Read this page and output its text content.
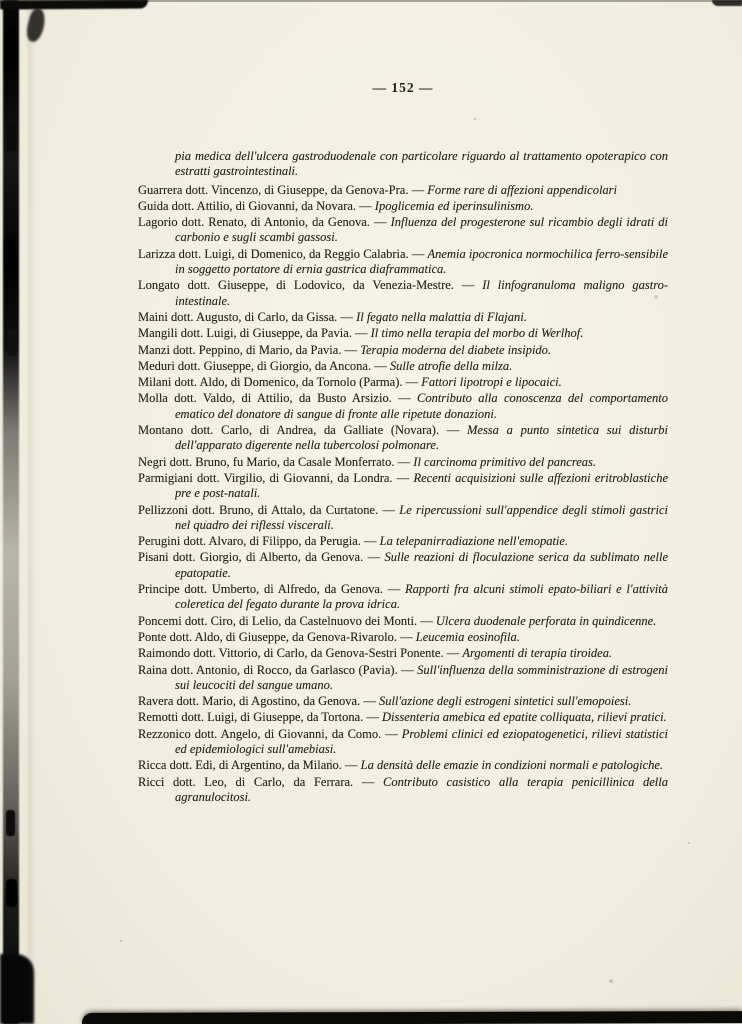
— 152 —

pia medica dell'ulcera gastroduodenale con particolare riguardo al trattamento opoterapico con estratti gastrointestinali.

Guarrera dott. Vincenzo, di Giuseppe, da Genova-Pra. — Forme rare di affezioni appendicolari

Guida dott. Attilio, di Giovanni, da Novara. — Ipoglicemia ed iperinsulinismo.

Lagorio dott. Renato, di Antonio, da Genova. — Influenza del progesterone sul ricambio degli idrati di carbonio e sugli scambi gassosi.

Larizza dott. Luigi, di Domenico, da Reggio Calabria. — Anemia ipocronica normochilica ferro-sensibile in soggetto portatore di ernia gastrica diaframmatica.

Longato dott. Giuseppe, di Lodovico, da Venezia-Mestre. — Il linfogranuloma maligno gastro-intestinale.

Maini dott. Augusto, di Carlo, da Gissa. — Il fegato nella malattia di Flajani.

Mangili dott. Luigi, di Giuseppe, da Pavia. — Il timo nella terapia del morbo di Werlhof.

Manzi dott. Peppino, di Mario, da Pavia. — Terapia moderna del diabete insipido.

Meduri dott. Giuseppe, di Giorgio, da Ancona. — Sulle atrofie della milza.

Milani dott. Aldo, di Domenico, da Tornolo (Parma). — Fattori lipotropi e lipocaici.

Molla dott. Valdo, di Attilio, da Busto Arsizio. — Contributo alla conoscenza del comportamento ematico del donatore di sangue di fronte alle ripetute donazioni.

Montano dott. Carlo, di Andrea, da Galliate (Novara). — Messa a punto sintetica sui disturbi dell'apparato digerente nella tubercolosi polmonare.

Negri dott. Bruno, fu Mario, da Casale Monferrato. — Il carcinoma primitivo del pancreas.

Parmigiani dott. Virgilio, di Giovanni, da Londra. — Recenti acquisizioni sulle affezioni eritroblastiche pre e post-natali.

Pellizzoni dott. Bruno, di Attalo, da Curtatone. — Le ripercussioni sull'appendice degli stimoli gastrici nel quadro dei riflessi viscerali.

Perugini dott. Alvaro, di Filippo, da Perugia. — La telepanirradiazione nell'emopatie.

Pisani dott. Giorgio, di Alberto, da Genova. — Sulle reazioni di floculazione serica da sublimato nelle epatopatie.

Principe dott. Umberto, di Alfredo, da Genova. — Rapporti fra alcuni stimoli epato-biliari e l'attività coleretica del fegato durante la prova idrica.

Poncemi dott. Ciro, di Lelio, da Castelnuovo dei Monti. — Ulcera duodenale perforata in quindicenne.

Ponte dott. Aldo, di Giuseppe, da Genova-Rivarolo. — Leucemia eosinofila.

Raimondo dott. Vittorio, di Carlo, da Genova-Sestri Ponente. — Argomenti di terapia tiroidea.

Raina dott. Antonio, di Rocco, da Garlasco (Pavia). — Sull'influenza della somministrazione di estrogeni sui leucociti del sangue umano.

Ravera dott. Mario, di Agostino, da Genova. — Sull'azione degli estrogeni sintetici sull'emopoiesi.

Remotti dott. Luigi, di Giuseppe, da Tortona. — Dissenteria amebica ed epatite colliquata, rilievi pratici.

Rezzonico dott. Angelo, di Giovanni, da Como. — Problemi clinici ed eziopatogenetici, rilievi statistici ed epidemiologici sull'amebiasi.

Ricca dott. Edi, di Argentino, da Milano. — La densità delle emazie in condizioni normali e patologiche.

Ricci dott. Leo, di Carlo, da Ferrara. — Contributo casistico alla terapia penicillinica della agranulocitosi.
